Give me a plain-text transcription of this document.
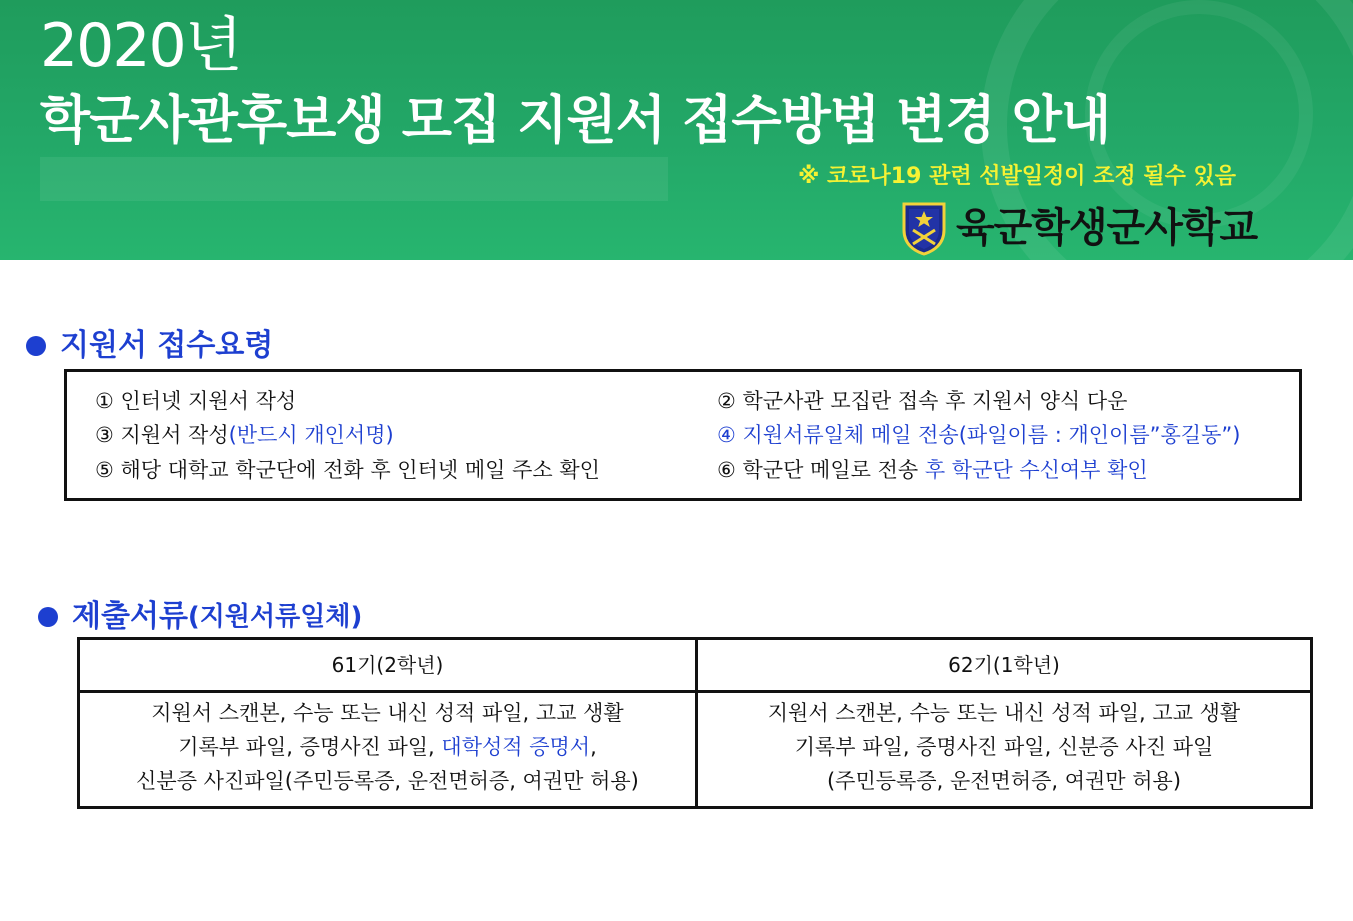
2020년
학군사관후보생 모집 지원서 접수방법 변경 안내
※ 코로나19 관련 선발일정이 조정 될수 있음
육군학생군사학교
지원서 접수요령
① 인터넷 지원서 작성
③ 지원서 작성(반드시 개인서명)
⑤ 해당 대학교 학군단에 전화 후 인터넷 메일 주소 확인
② 학군사관 모집란 접속 후 지원서 양식 다운
④ 지원서류일체 메일 전송(파일이름 : 개인이름”홍길동”)
⑥ 학군단 메일로 전송 후 학군단 수신여부 확인
제출서류 (지원서류일체)
61기(2학년)	62기(1학년)
지원서 스캔본, 수능 또는 내신 성적 파일, 고교 생활
기록부 파일, 증명사진 파일, 대학성적 증명서,
신분증 사진파일(주민등록증, 운전면허증, 여권만 허용)
지원서 스캔본, 수능 또는 내신 성적 파일, 고교 생활
기록부 파일, 증명사진 파일, 신분증 사진 파일
(주민등록증, 운전면허증, 여권만 허용)
